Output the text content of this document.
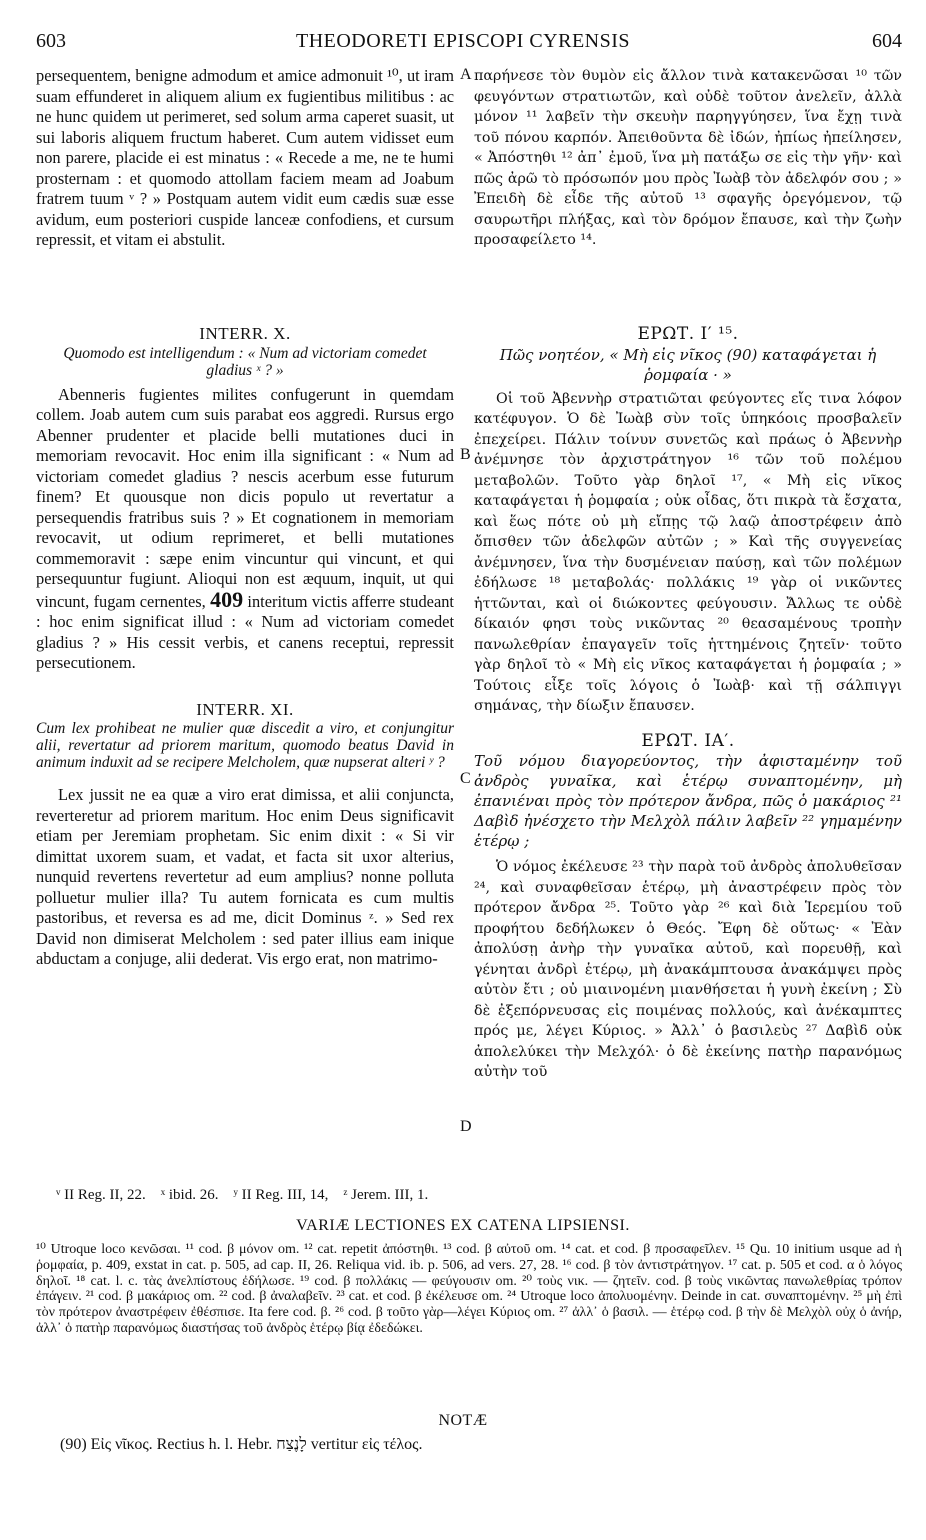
603	THEODORETI EPISCOPI CYRENSIS	604

persequentem, benigne admodum et amice admonuit ¹⁰, ut iram suam effunderet in aliquem alium ex fugientibus militibus : ac ne hunc quidem ut perimeret, sed solum arma caperet suasit, ut sui laboris aliquem fructum haberet. Cum autem vidisset eum non parere, placide ei est minatus : « Recede a me, ne te humi prosternam : et quomodo attollam faciem meam ad Joabum fratrem tuum ᵛ ? » Postquam autem vidit eum cædis suæ esse avidum, eum posteriori cuspide lanceæ confodiens, et cursum repressit, et vitam ei abstulit.

INTERR. X.

Quomodo est intelligendum : « Num ad victoriam comedet gladius ˣ ? »

Abenneris fugientes milites confugerunt in quemdam collem. Joab autem cum suis parabat eos aggredi. Rursus ergo Abenner prudenter et placide belli mutationes duci in memoriam revocavit. Hoc enim illa significant : « Num ad victoriam comedet gladius ? nescis acerbum esse futurum finem? Et quousque non dicis populo ut revertatur a persequendis fratribus suis ? » Et cognationem in memoriam revocavit, ut odium reprimeret, et belli mutationes commemoravit : sæpe enim vincuntur qui vincunt, et qui persequuntur fugiunt. Alioqui non est æquum, inquit, ut qui vincunt, fugam cernentes, 409 interitum victis afferre studeant : hoc enim significat illud : « Num ad victoriam comedet gladius ? » His cessit verbis, et canens receptui, repressit persecutionem.

INTERR. XI.

Cum lex prohibeat ne mulier quæ discedit a viro, et conjungitur alii, revertatur ad priorem maritum, quomodo beatus David in animum induxit ad se recipere Melcholem, quæ nupserat alteri ʸ ?

Lex jussit ne ea quæ a viro erat dimissa, et alii conjuncta, reverteretur ad priorem maritum. Hoc enim Deus significavit etiam per Jeremiam prophetam. Sic enim dixit : « Si vir dimittat uxorem suam, et vadat, et facta sit uxor alterius, nunquid revertens revertetur ad eum amplius? nonne polluta polluetur mulier illa? Tu autem fornicata es cum multis pastoribus, et reversa es ad me, dicit Dominus ᶻ. » Sed rex David non dimiserat Melcholem : sed pater illius eam inique abductam a conjuge, alii dederat. Vis ergo erat, non matrimo-

παρήνεσε τὸν θυμὸν εἰς ἄλλον τινὰ κατακενῶσαι ¹⁰ τῶν φευγόντων στρατιωτῶν, καὶ οὐδὲ τοῦτον ἀνελεῖν, ἀλλὰ μόνον ¹¹ λαβεῖν τὴν σκευὴν παρηγγύησεν, ἵνα ἔχῃ τινὰ τοῦ πόνου καρπόν. Ἀπειθοῦντα δὲ ἰδών, ἠπίως ἠπείλησεν, « Ἀπόστηθι ¹² ἀπ᾽ ἐμοῦ, ἵνα μὴ πατάξω σε εἰς τὴν γῆν· καὶ πῶς ἀρῶ τὸ πρόσωπόν μου πρὸς Ἰωὰβ τὸν ἀδελφόν σου ; » Ἐπειδὴ δὲ εἶδε τῆς αὐτοῦ ¹³ σφαγῆς ὀρεγόμενον, τῷ σαυρωτῆρι πλήξας, καὶ τὸν δρόμον ἔπαυσε, καὶ τὴν ζωὴν προσαφείλετο ¹⁴.

ΕΡΩΤ. Ι′ ¹⁵.

Πῶς νοητέον, « Μὴ εἰς νῖκος (90) καταφάγεται ἡ ῥομφαία · »

Οἱ τοῦ Ἀβεννὴρ στρατιῶται φεύγοντες εἴς τινα λόφον κατέφυγον. Ὁ δὲ Ἰωὰβ σὺν τοῖς ὑπηκόοις προσβαλεῖν ἐπεχείρει. Πάλιν τοίνυν συνετῶς καὶ πράως ὁ Ἀβεννὴρ ἀνέμνησε τὸν ἀρχιστράτηγον ¹⁶ τῶν τοῦ πολέμου μεταβολῶν. Τοῦτο γὰρ δηλοῖ ¹⁷, « Μὴ εἰς νῖκος καταφάγεται ἡ ῥομφαία ; οὐκ οἶδας, ὅτι πικρὰ τὰ ἔσχατα, καὶ ἕως πότε οὐ μὴ εἴπῃς τῷ λαῷ ἀποστρέφειν ἀπὸ ὄπισθεν τῶν ἀδελφῶν αὐτῶν ; » Καὶ τῆς συγγενείας ἀνέμνησεν, ἵνα τὴν δυσμένειαν παύσῃ, καὶ τῶν πολέμων ἐδήλωσε ¹⁸ μεταβολάς· πολλάκις ¹⁹ γὰρ οἱ νικῶντες ἡττῶνται, καὶ οἱ διώκοντες φεύγουσιν. Ἄλλως τε οὐδὲ δίκαιόν φησι τοὺς νικῶντας ²⁰ θεασαμένους τροπὴν πανωλεθρίαν ἐπαγαγεῖν τοῖς ἡττημένοις ζητεῖν· τοῦτο γὰρ δηλοῖ τὸ « Μὴ εἰς νῖκος καταφάγεται ἡ ῥομφαία ; » Τούτοις εἶξε τοῖς λόγοις ὁ Ἰωὰβ· καὶ τῇ σάλπιγγι σημάνας, τὴν δίωξιν ἔπαυσεν.

ΕΡΩΤ. ΙΑ′.

Τοῦ νόμου διαγορεύοντος, τὴν ἀφισταμένην τοῦ ἀνδρὸς γυναῖκα, καὶ ἑτέρῳ συναπτομένην, μὴ ἐπανιέναι πρὸς τὸν πρότερον ἄνδρα, πῶς ὁ μακάριος ²¹ Δαβὶδ ἠνέσχετο τὴν Μελχὸλ πάλιν λαβεῖν ²² γημαμένην ἑτέρῳ ;

Ὁ νόμος ἐκέλευσε ²³ τὴν παρὰ τοῦ ἀνδρὸς ἀπολυθεῖσαν ²⁴, καὶ συναφθεῖσαν ἑτέρῳ, μὴ ἀναστρέφειν πρὸς τὸν πρότερον ἄνδρα ²⁵. Τοῦτο γὰρ ²⁶ καὶ διὰ Ἱερεμίου τοῦ προφήτου δεδήλωκεν ὁ Θεός. Ἔφη δὲ οὕτως· « Ἐὰν ἀπολύσῃ ἀνὴρ τὴν γυναῖκα αὐτοῦ, καὶ πορευθῇ, καὶ γένηται ἀνδρὶ ἑτέρῳ, μὴ ἀνακάμπτουσα ἀνακάμψει πρὸς αὐτὸν ἔτι ; οὐ μιαινομένη μιανθήσεται ἡ γυνὴ ἐκείνη ; Σὺ δὲ ἐξεπόρνευσας εἰς ποιμένας πολλούς, καὶ ἀνέκαμπτες πρός με, λέγει Κύριος. » Ἀλλ᾽ ὁ βασιλεὺς ²⁷ Δαβὶδ οὐκ ἀπολελύκει τὴν Μελχόλ· ὁ δὲ ἐκείνης πατὴρ παρανόμως αὐτὴν τοῦ

A
B
C
D
ᵛ II Reg. II, 22.    ˣ ibid. 26.    ʸ II Reg. III, 14,    ᶻ Jerem. III, 1.
VARIÆ LECTIONES EX CATENA LIPSIENSI.
¹⁰ Utroque loco κενῶσαι. ¹¹ cod. β μόνον om. ¹² cat. repetit ἀπόστηθι. ¹³ cod. β αὐτοῦ om. ¹⁴ cat. et cod. β προσαφεῖλεν. ¹⁵ Qu. 10 initium usque ad ἡ ῥομφαία, p. 409, exstat in cat. p. 505, ad cap. II, 26. Reliqua vid. ib. p. 506, ad vers. 27, 28. ¹⁶ cod. β τὸν ἀντιστράτηγον. ¹⁷ cat. p. 505 et cod. α ὁ λόγος δηλοῖ. ¹⁸ cat. l. c. τὰς ἀνελπίστους ἐδήλωσε. ¹⁹ cod. β πολλάκις — φεύγουσιν om. ²⁰ τοὺς νικ. — ζητεῖν. cod. β τοὺς νικῶντας πανωλεθρίας τρόπον ἐπάγειν. ²¹ cod. β μακάριος om. ²² cod. β ἀναλαβεῖν. ²³ cat. et cod. β ἐκέλευσε om. ²⁴ Utroque loco ἀπολυομένην. Deinde in cat. συναπτομένην. ²⁵ μὴ ἐπὶ τὸν πρότερον ἀναστρέφειν ἐθέσπισε. Ita fere cod. β. ²⁶ cod. β τοῦτο γὰρ—λέγει Κύριος om. ²⁷ ἀλλ᾽ ὁ βασιλ. — ἑτέρῳ cod. β τὴν δὲ Μελχὸλ οὐχ ὁ ἀνήρ, ἀλλ᾽ ὁ πατὴρ παρανόμως διαστήσας τοῦ ἀνδρὸς ἑτέρῳ βίᾳ ἐδεδώκει.
NOTÆ
(90) Εἰς νῖκος. Rectius h. l. Hebr. לָנֶצַח vertitur εἰς τέλος.
